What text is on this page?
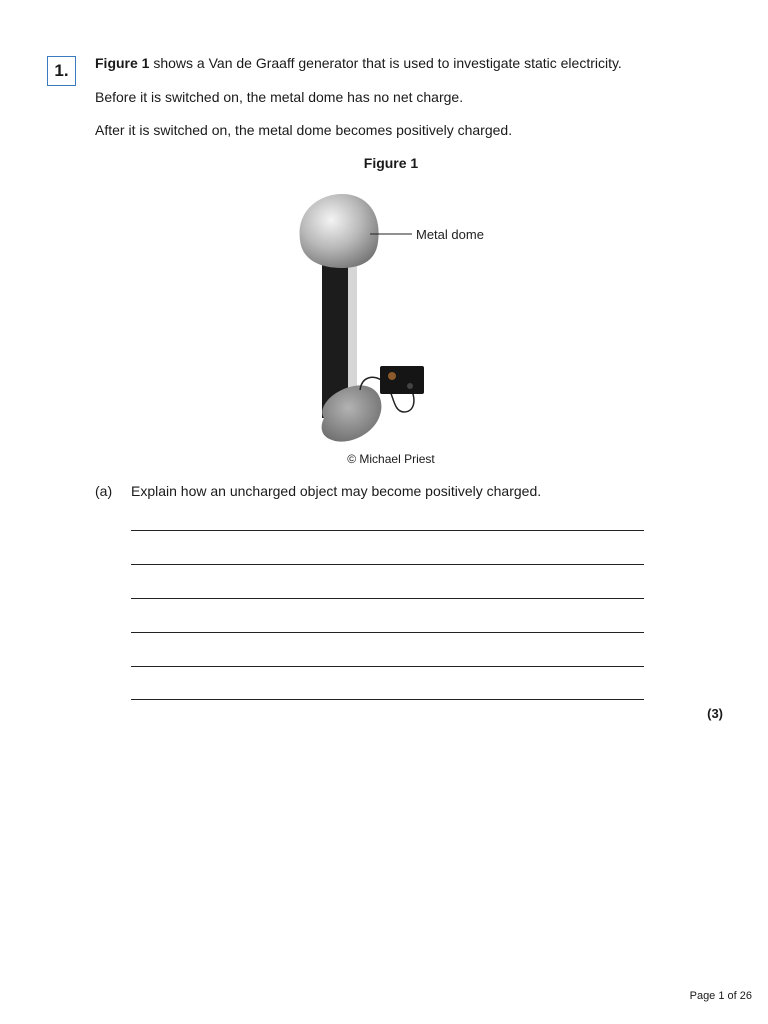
1.	Figure 1 shows a Van de Graaff generator that is used to investigate static electricity.
Before it is switched on, the metal dome has no net charge.
After it is switched on, the metal dome becomes positively charged.
Figure 1
Metal dome
© Michael Priest
(a) Explain how an uncharged object may become positively charged.
(3)
Page 1 of 26
